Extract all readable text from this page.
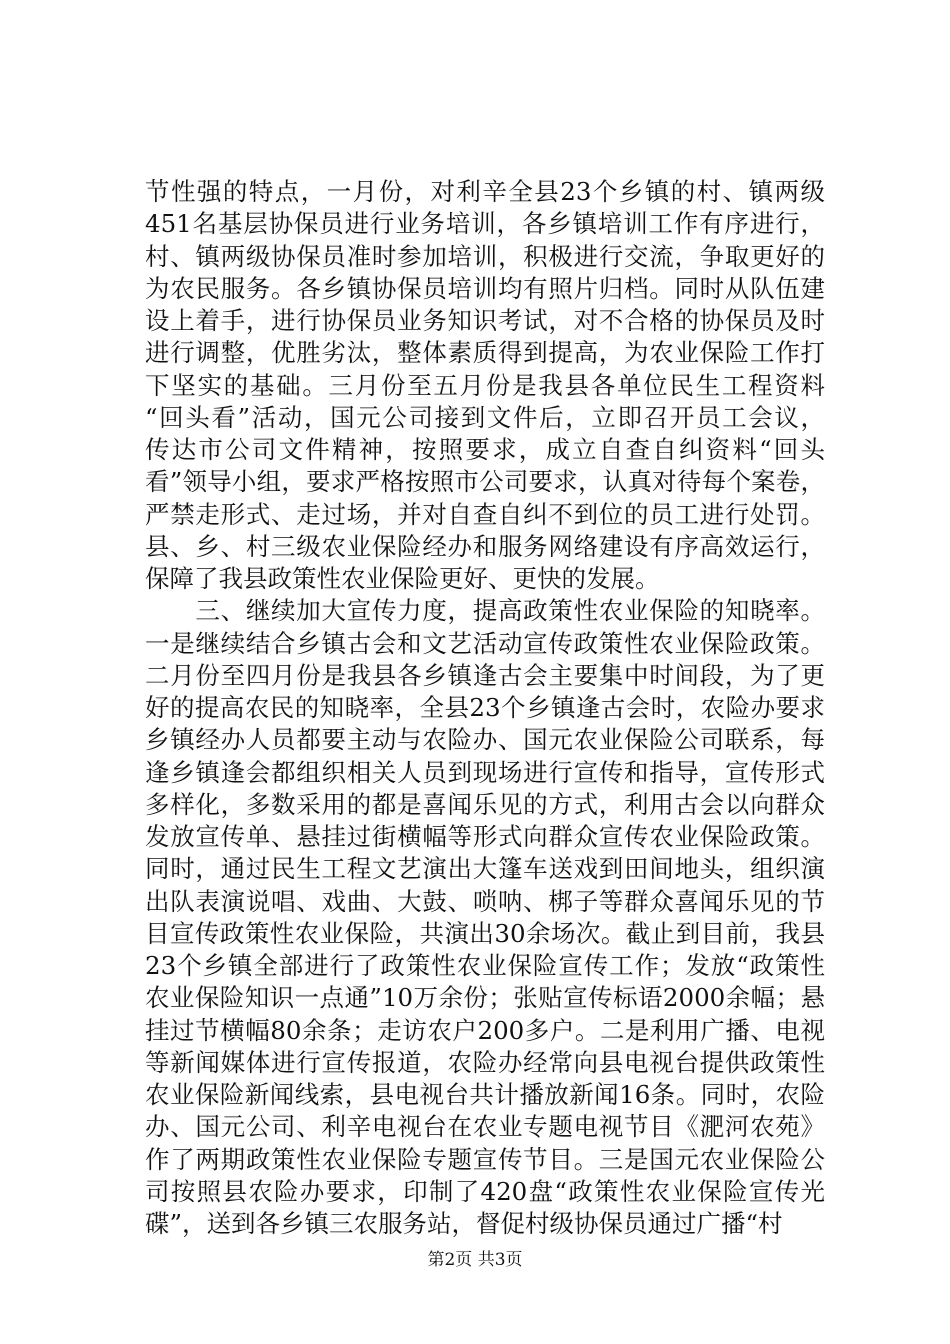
节性强的特点，一月份，对利辛全县23个乡镇的村、镇两级
451名基层协保员进行业务培训，各乡镇培训工作有序进行，
村、镇两级协保员准时参加培训，积极进行交流，争取更好的
为农民服务。各乡镇协保员培训均有照片归档。同时从队伍建
设上着手，进行协保员业务知识考试，对不合格的协保员及时
进行调整，优胜劣汰，整体素质得到提高，为农业保险工作打
下坚实的基础。三月份至五月份是我县各单位民生工程资料
“回头看”活动，国元公司接到文件后，立即召开员工会议，
传达市公司文件精神，按照要求，成立自查自纠资料“回头
看”领导小组，要求严格按照市公司要求，认真对待每个案卷，
严禁走形式、走过场，并对自查自纠不到位的员工进行处罚。
县、乡、村三级农业保险经办和服务网络建设有序高效运行，
保障了我县政策性农业保险更好、更快的发展。
　　三、继续加大宣传力度，提高政策性农业保险的知晓率。
一是继续结合乡镇古会和文艺活动宣传政策性农业保险政策。
二月份至四月份是我县各乡镇逢古会主要集中时间段，为了更
好的提高农民的知晓率，全县23个乡镇逢古会时，农险办要求
乡镇经办人员都要主动与农险办、国元农业保险公司联系，每
逢乡镇逢会都组织相关人员到现场进行宣传和指导，宣传形式
多样化，多数采用的都是喜闻乐见的方式，利用古会以向群众
发放宣传单、悬挂过街横幅等形式向群众宣传农业保险政策。
同时，通过民生工程文艺演出大篷车送戏到田间地头，组织演
出队表演说唱、戏曲、大鼓、唢呐、梆子等群众喜闻乐见的节
目宣传政策性农业保险，共演出30余场次。截止到目前，我县
23个乡镇全部进行了政策性农业保险宣传工作；发放“政策性
农业保险知识一点通”10万余份；张贴宣传标语2000余幅；悬
挂过节横幅80余条；走访农户200多户。二是利用广播、电视
等新闻媒体进行宣传报道，农险办经常向县电视台提供政策性
农业保险新闻线索，县电视台共计播放新闻16条。同时，农险
办、国元公司、利辛电视台在农业专题电视节目《淝河农苑》
作了两期政策性农业保险专题宣传节目。三是国元农业保险公
司按照县农险办要求，印制了420盘“政策性农业保险宣传光
碟”，送到各乡镇三农服务站，督促村级协保员通过广播“村
第2页 共3页
